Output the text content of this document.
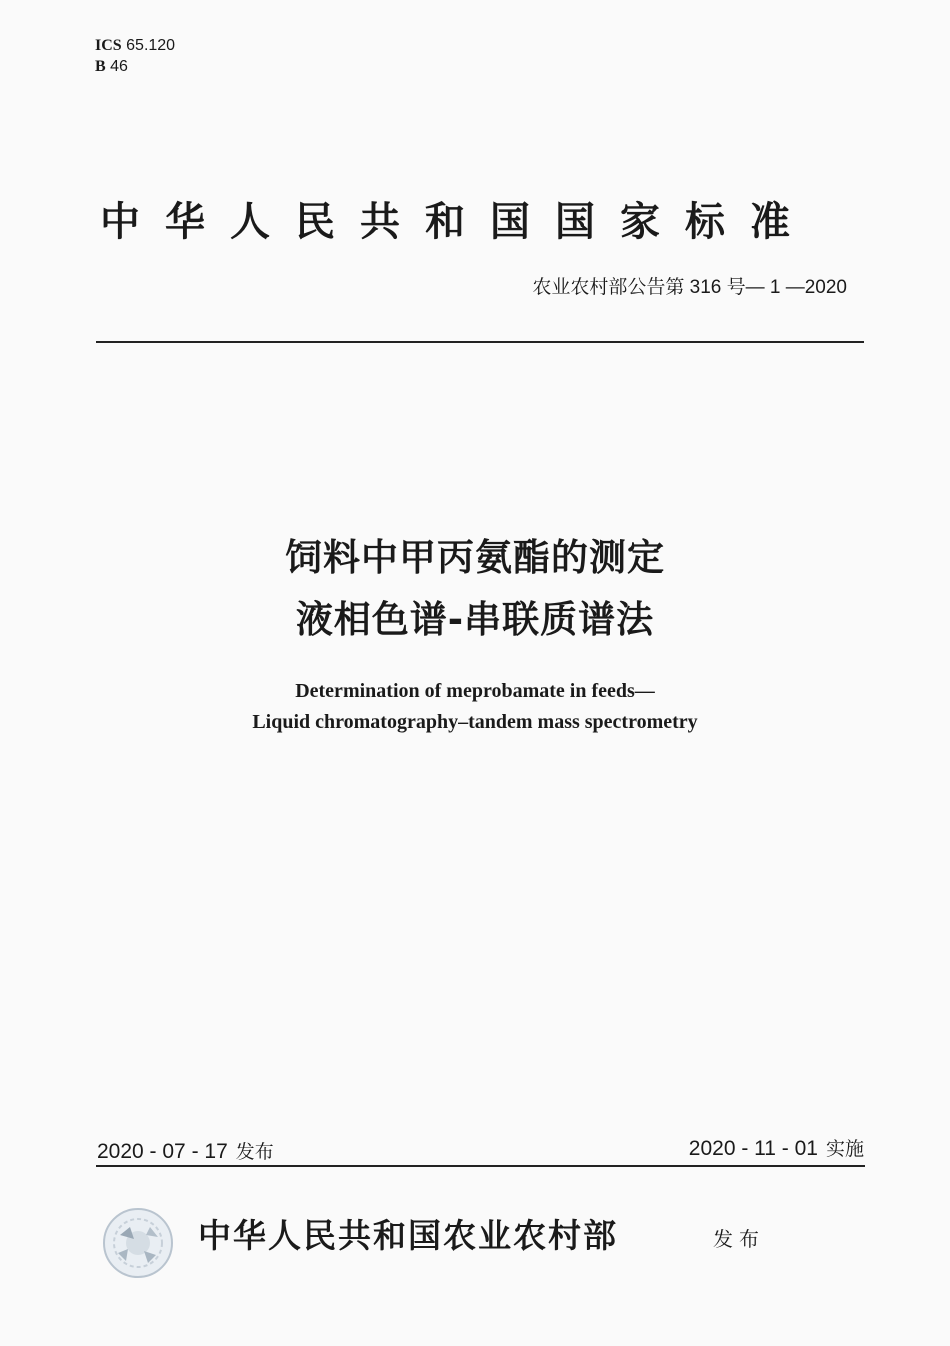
ICS 65.120
B 46
中华人民共和国国家标准
农业农村部公告第 316 号— 1 —2020
饲料中甲丙氨酯的测定
液相色谱-串联质谱法
Determination of meprobamate in feeds—
Liquid chromatography–tandem mass spectrometry
2020 - 07 - 17 发布	2020 - 11 - 01 实施
中华人民共和国农业农村部	发布
